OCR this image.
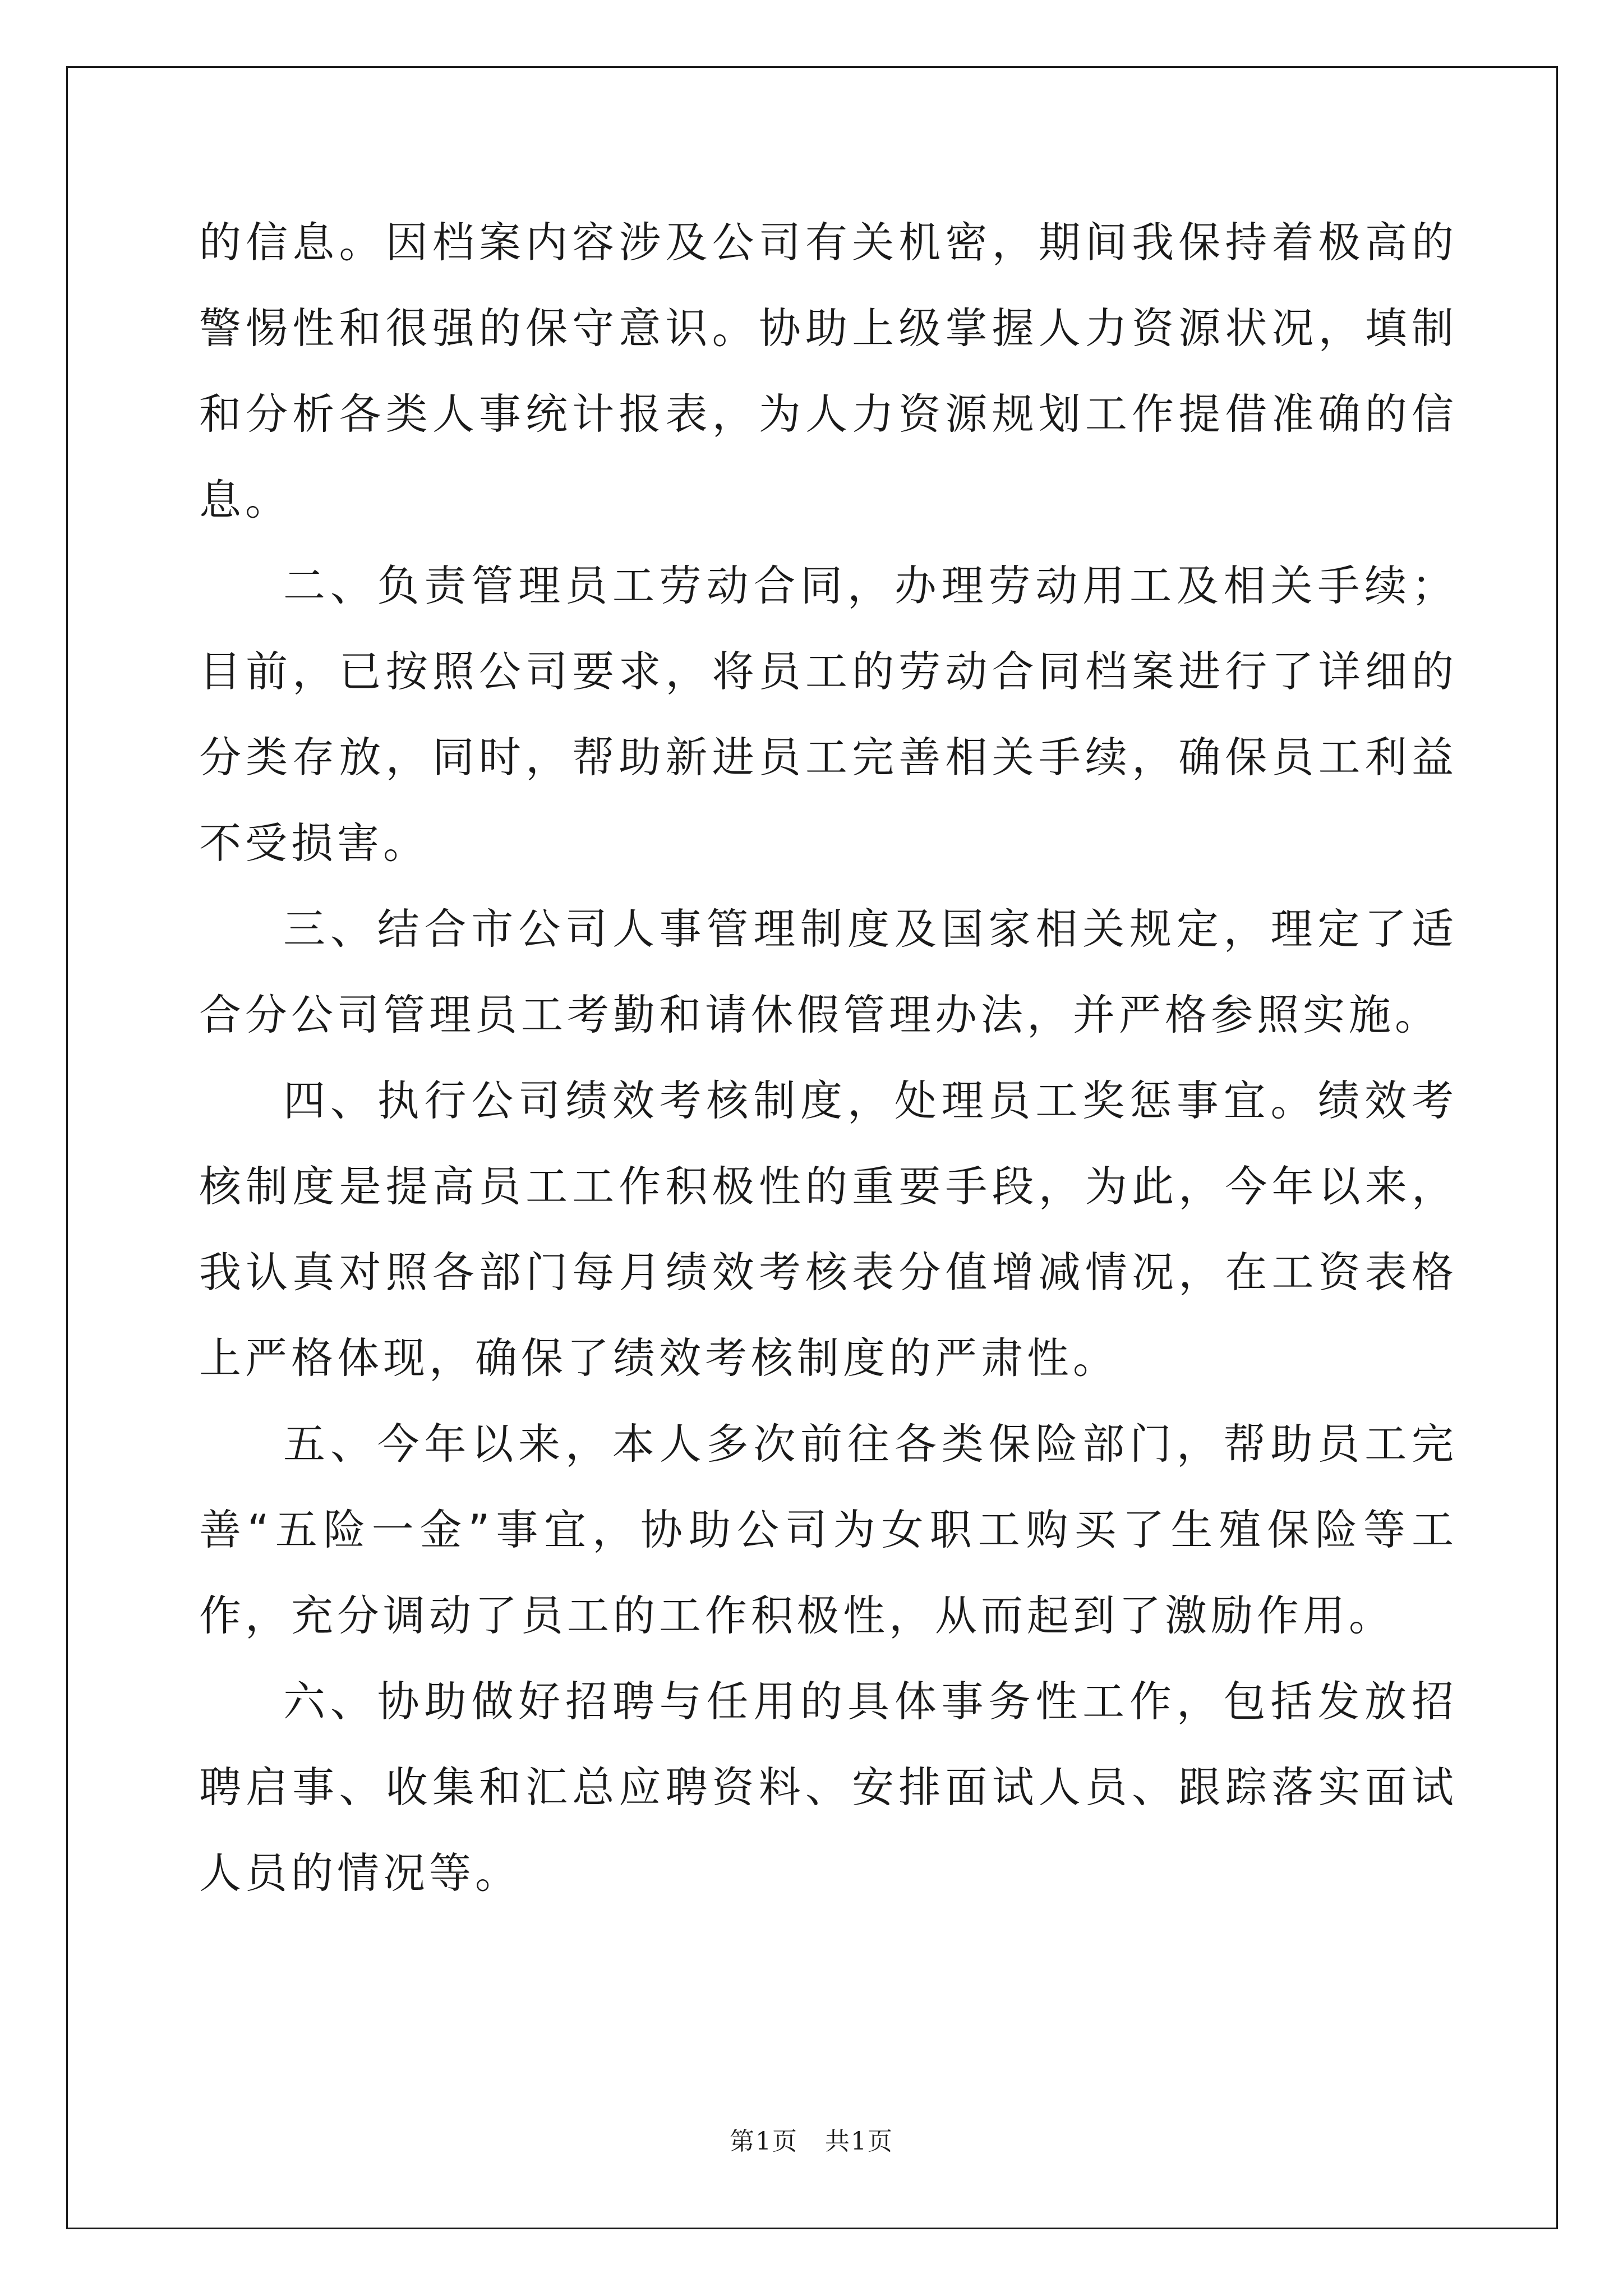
的信息。因档案内容涉及公司有关机密，期间我保持着极高的警惕性和很强的保守意识。协助上级掌握人力资源状况，填制和分析各类人事统计报表，为人力资源规划工作提借准确的信息。

二、负责管理员工劳动合同，办理劳动用工及相关手续；目前，已按照公司要求，将员工的劳动合同档案进行了详细的分类存放，同时，帮助新进员工完善相关手续，确保员工利益不受损害。

三、结合市公司人事管理制度及国家相关规定，理定了适合分公司管理员工考勤和请休假管理办法，并严格参照实施。

四、执行公司绩效考核制度，处理员工奖惩事宜。绩效考核制度是提高员工工作积极性的重要手段，为此，今年以来，我认真对照各部门每月绩效考核表分值增减情况，在工资表格上严格体现，确保了绩效考核制度的严肃性。

五、今年以来，本人多次前往各类保险部门，帮助员工完善“五险一金”事宜，协助公司为女职工购买了生殖保险等工作，充分调动了员工的工作积极性，从而起到了激励作用。

六、协助做好招聘与任用的具体事务性工作，包括发放招聘启事、收集和汇总应聘资料、安排面试人员、跟踪落实面试人员的情况等。

第1页   共1页
